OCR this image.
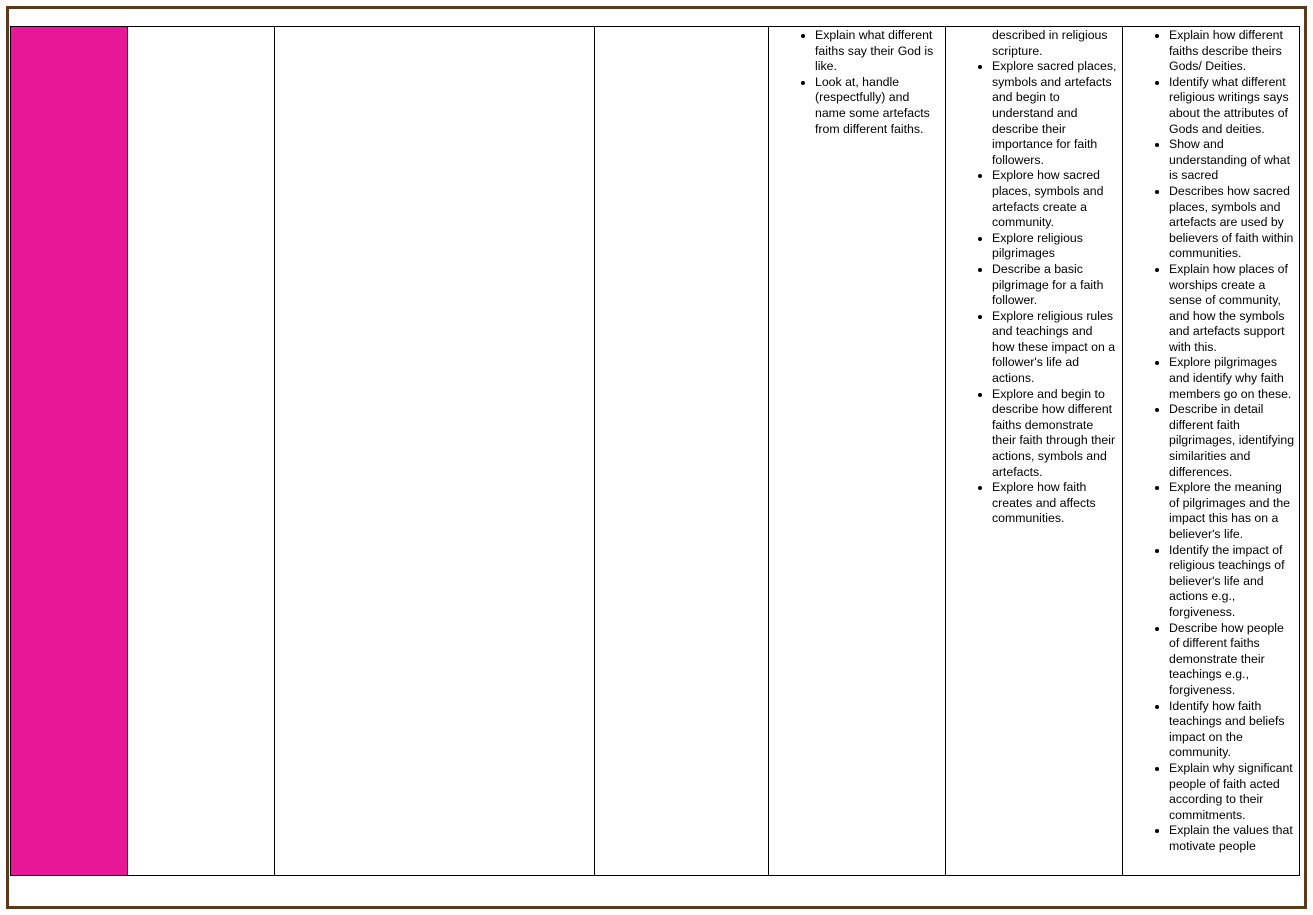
• Explain what different faiths say their God is like.
• Look at, handle (respectfully) and name some artefacts from different faiths.

described in religious scripture.
• Explore sacred places, symbols and artefacts and begin to understand and describe their importance for faith followers.
• Explore how sacred places, symbols and artefacts create a community.
• Explore religious pilgrimages
• Describe a basic pilgrimage for a faith follower.
• Explore religious rules and teachings and how these impact on a follower's life ad actions.
• Explore and begin to describe how different faiths demonstrate their faith through their actions, symbols and artefacts.
• Explore how faith creates and affects communities.

• Explain how different faiths describe theirs Gods/ Deities.
• Identify what different religious writings says about the attributes of Gods and deities.
• Show and understanding of what is sacred
• Describes how sacred places, symbols and artefacts are used by believers of faith within communities.
• Explain how places of worships create a sense of community, and how the symbols and artefacts support with this.
• Explore pilgrimages and identify why faith members go on these.
• Describe in detail different faith pilgrimages, identifying similarities and differences.
• Explore the meaning of pilgrimages and the impact this has on a believer's life.
• Identify the impact of religious teachings of believer's life and actions e.g., forgiveness.
• Describe how people of different faiths demonstrate their teachings e.g., forgiveness.
• Identify how faith teachings and beliefs impact on the community.
• Explain why significant people of faith acted according to their commitments.
• Explain the values that motivate people
